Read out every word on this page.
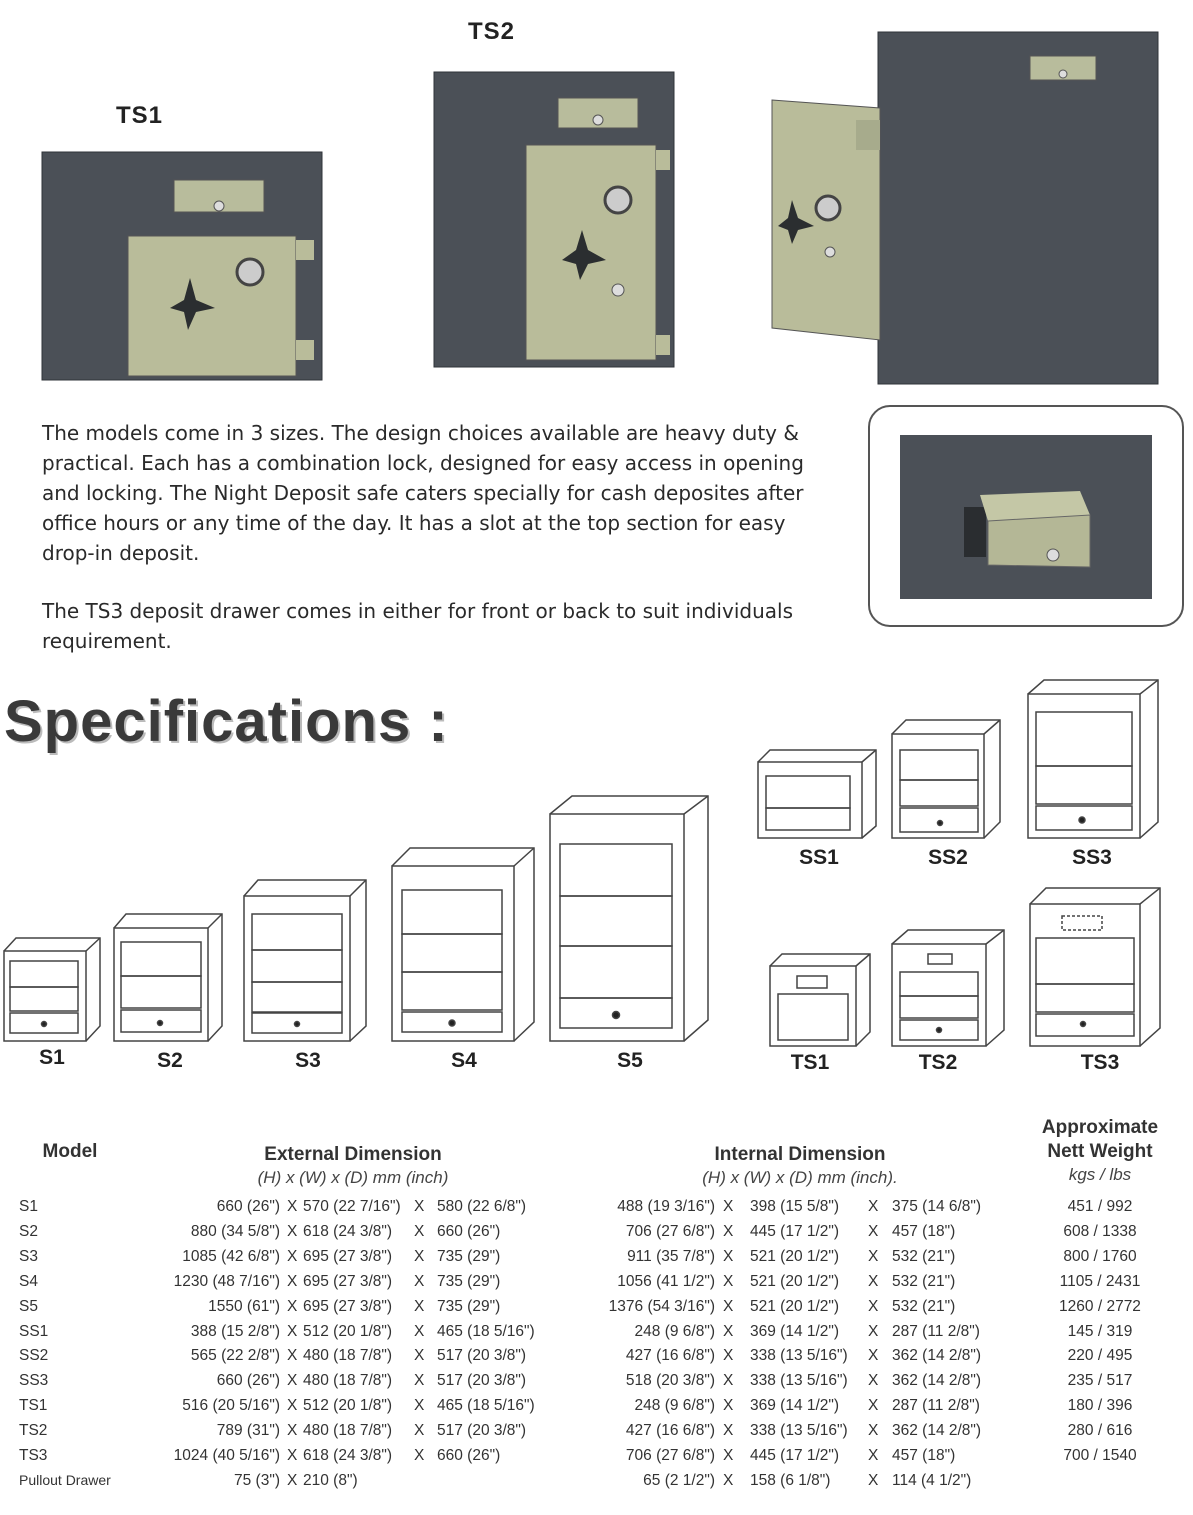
TS1
TS2
The models come in 3 sizes. The design choices available are heavy duty & practical. Each has a combination lock, designed for easy access in opening and locking. The Night Deposit safe caters specially for cash deposites after office hours or any time of the day. It has a slot at the top section for easy drop-in deposit.
The TS3 deposit drawer comes in either for front or back to suit individuals requirement.
Specifications :
S1	S2	S3	S4	S5
SS1	SS2	SS3
TS1	TS2	TS3
Model	External Dimension
(H) x (W) x (D) mm (inch)
Internal Dimension
(H) x (W) x (D) mm (inch).
Approximate
Nett Weight
kgs / lbs
S1	660 (26") X 570 (22 7/16") X 580 (22 6/8")	488 (19 3/16") X 398 (15 5/8") X 375 (14 6/8")	451 / 992
S2	880 (34 5/8") X 618 (24 3/8") X 660 (26")	706 (27 6/8") X 445 (17 1/2") X 457 (18")	608 / 1338
S3	1085 (42 6/8") X 695 (27 3/8") X 735 (29")	911 (35 7/8") X 521 (20 1/2") X 532 (21")	800 / 1760
S4	1230 (48 7/16") X 695 (27 3/8") X 735 (29")	1056 (41 1/2") X 521 (20 1/2") X 532 (21")	1105 / 2431
S5	1550 (61") X 695 (27 3/8") X 735 (29")	1376 (54 3/16") X 521 (20 1/2") X 532 (21")	1260 / 2772
SS1	388 (15 2/8") X 512 (20 1/8") X 465 (18 5/16")	248 (9 6/8") X 369 (14 1/2") X 287 (11 2/8")	145 / 319
SS2	565 (22 2/8") X 480 (18 7/8") X 517 (20 3/8")	427 (16 6/8") X 338 (13 5/16") X 362 (14 2/8")	220 / 495
SS3	660 (26") X 480 (18 7/8") X 517 (20 3/8")	518 (20 3/8") X 338 (13 5/16") X 362 (14 2/8")	235 / 517
TS1	516 (20 5/16") X 512 (20 1/8") X 465 (18 5/16")	248 (9 6/8") X 369 (14 1/2") X 287 (11 2/8")	180 / 396
TS2	789 (31") X 480 (18 7/8") X 517 (20 3/8")	427 (16 6/8") X 338 (13 5/16") X 362 (14 2/8")	280 / 616
TS3	1024 (40 5/16") X 618 (24 3/8") X 660 (26")	706 (27 6/8") X 445 (17 1/2") X 457 (18")	700 / 1540
Pullout Drawer	75 (3") X 210 (8")	65 (2 1/2") X 158 (6 1/8") X 114 (4 1/2")
